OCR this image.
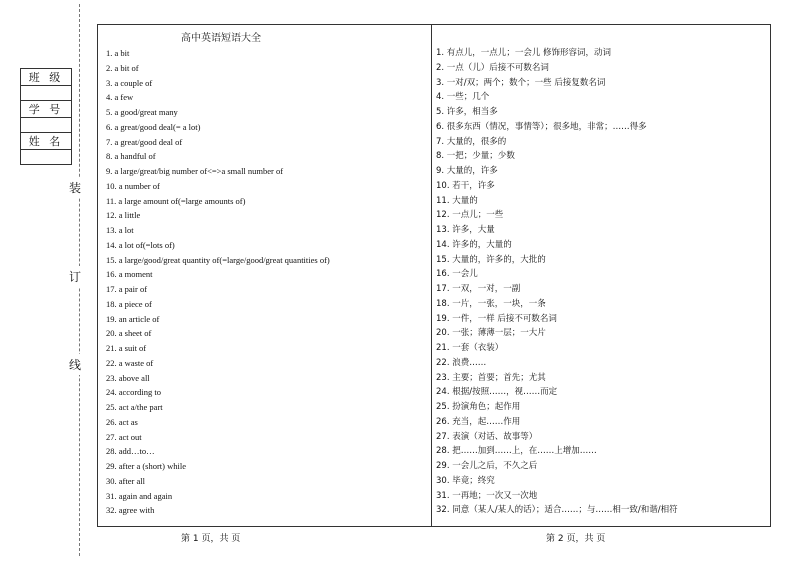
班 级

学 号

姓 名

装
订
线
高中英语短语大全
1. a bit
2. a bit of
3. a couple of
4. a few
5. a good/great many
6. a great/good deal(= a lot)
7. a great/good deal of
8. a handful of
9. a large/great/big number of<=>a small number of
10. a number of
11. a large amount of(=large amounts of)
12. a little
13. a lot
14. a lot of(=lots of)
15. a large/good/great quantity of(=large/good/great quantities of)
16. a moment
17. a pair of
18. a piece of
19. an article of
20. a sheet of
21. a suit of
22. a waste of
23. above all
24. according to
25. act a/the part
26. act as
27. act out
28. add…to…
29. after a (short) while
30. after all
31. again and again
32. agree with
1. 有点儿，一点儿；一会儿 修饰形容词，动词
2. 一点（儿）后接不可数名词
3. 一对/双；两个；数个；一些 后接复数名词
4. 一些；几个
5. 许多，相当多
6. 很多东西（情况，事情等）；很多地，非常；……得多
7. 大量的，很多的
8. 一把；少量；少数
9. 大量的，许多
10. 若干，许多
11. 大量的
12. 一点儿；一些
13. 许多，大量
14. 许多的，大量的
15. 大量的，许多的，大批的
16. 一会儿
17. 一双，一对，一副
18. 一片，一张，一块，一条
19. 一件，一样 后接不可数名词
20. 一张；薄薄一层；一大片
21. 一套（衣装）
22. 浪费……
23. 主要；首要；首先；尤其
24. 根据/按照……，视……而定
25. 扮演角色；起作用
26. 充当，起……作用
27. 表演（对话、故事等）
28. 把……加到……上，在……上增加……
29. 一会儿之后，不久之后
30. 毕竟；终究
31. 一再地；一次又一次地
32. 同意（某人/某人的话）；适合……；与……相一致/和谐/相符
第 1 页，共 页	第 2 页，共 页
